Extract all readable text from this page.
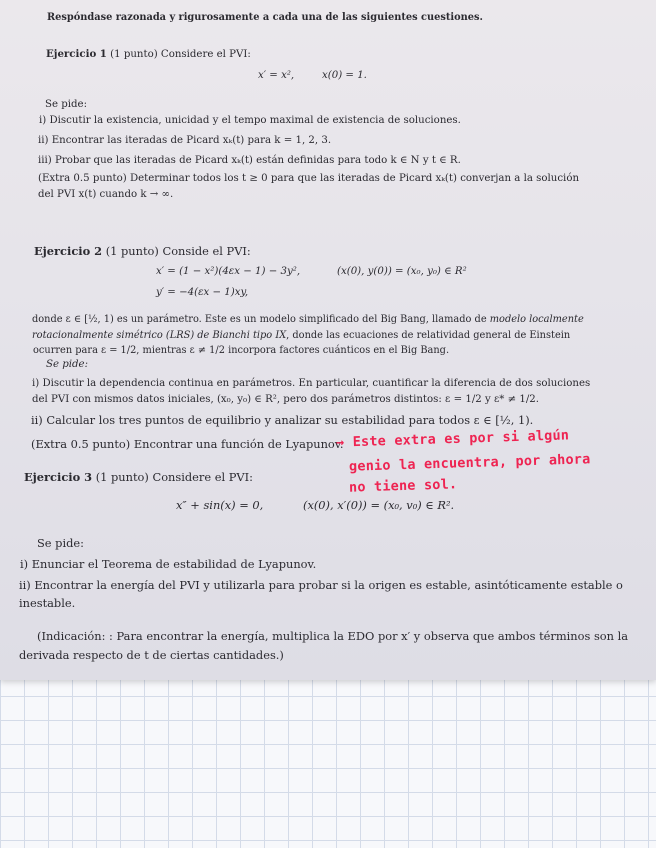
Respóndase razonada y rigurosamente a cada una de las siguientes cuestiones.
Ejercicio 1 (1 punto) Considere el PVI:
x′ = x²,	x(0) = 1.
Se pide:
i) Discutir la existencia, unicidad y el tempo maximal de existencia de soluciones.
ii) Encontrar las iteradas de Picard xₖ(t) para k = 1, 2, 3.
iii) Probar que las iteradas de Picard xₖ(t) están definidas para todo k ∈ N y t ∈ R.
(Extra 0.5 punto) Determinar todos los t ≥ 0 para que las iteradas de Picard xₖ(t) converjan a la solución
del PVI x(t) cuando k → ∞.
Ejercicio 2 (1 punto) Conside el PVI:
x′ = (1 − x²)(4εx − 1) − 3y²,	(x(0), y(0)) = (x₀, y₀) ∈ R²
y′ = −4(εx − 1)xy,
donde ε ∈ [½, 1) es un parámetro. Este es un modelo simplificado del Big Bang, llamado de modelo localmente
rotacionalmente simétrico (LRS) de Bianchi tipo IX, donde las ecuaciones de relatividad general de Einstein
ocurren para ε = 1/2, mientras ε ≠ 1/2 incorpora factores cuánticos en el Big Bang.
Se pide:
i) Discutir la dependencia continua en parámetros. En particular, cuantificar la diferencia de dos soluciones
del PVI con mismos datos iniciales, (x₀, y₀) ∈ R², pero dos parámetros distintos: ε = 1/2 y ε* ≠ 1/2.
ii) Calcular los tres puntos de equilibrio y analizar su estabilidad para todos ε ∈ [½, 1).
(Extra 0.5 punto) Encontrar una función de Lyapunov.
→ Este extra es por si algún
genio la encuentra, por ahora
no tiene sol.
Ejercicio 3 (1 punto) Considere el PVI:
x″ + sin(x) = 0,	(x(0), x′(0)) = (x₀, v₀) ∈ R².
Se pide:
i) Enunciar el Teorema de estabilidad de Lyapunov.
ii) Encontrar la energía del PVI y utilizarla para probar si la origen es estable, asintóticamente estable o
inestable.
(Indicación: : Para encontrar la energía, multiplica la EDO por x′ y observa que ambos términos son la
derivada respecto de t de ciertas cantidades.)
